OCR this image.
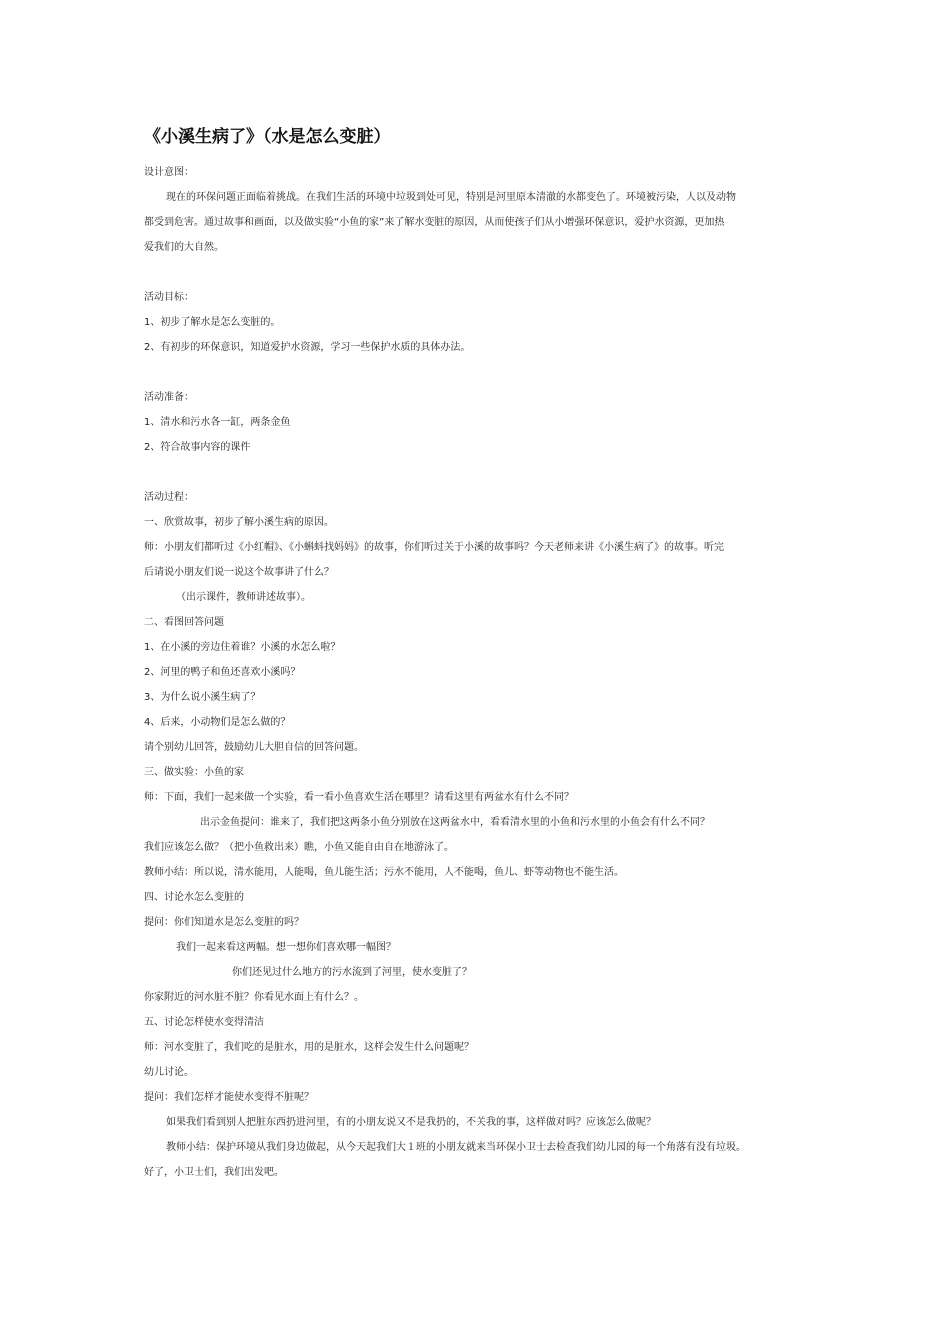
《小溪生病了》（水是怎么变脏）
设计意图：
现在的环保问题正面临着挑战。在我们生活的环境中垃圾到处可见，特别是河里原本清澈的水都变色了。环境被污染，人以及动物
都受到危害。通过故事和画面，以及做实验“小鱼的家”来了解水变脏的原因，从而使孩子们从小增强环保意识，爱护水资源，更加热
爱我们的大自然。
活动目标：
1、初步了解水是怎么变脏的。
2、有初步的环保意识，知道爱护水资源，学习一些保护水质的具体办法。
活动准备：
1、清水和污水各一缸，两条金鱼
2、符合故事内容的课件
活动过程：
一、欣赏故事，初步了解小溪生病的原因。
师：小朋友们都听过《小红帽》、《小蝌蚪找妈妈》的故事，你们听过关于小溪的故事吗？今天老师来讲《小溪生病了》的故事。听完
后请说小朋友们说一说这个故事讲了什么？
（出示课件，教师讲述故事）。
二、看图回答问题
1、在小溪的旁边住着谁？小溪的水怎么啦？
2、河里的鸭子和鱼还喜欢小溪吗？
3、为什么说小溪生病了？
4、后来，小动物们是怎么做的？
请个别幼儿回答，鼓励幼儿大胆自信的回答问题。
三、做实验：小鱼的家
师：下面，我们一起来做一个实验，看一看小鱼喜欢生活在哪里？请看这里有两盆水有什么不同？
出示金鱼提问：谁来了，我们把这两条小鱼分别放在这两盆水中，看看清水里的小鱼和污水里的小鱼会有什么不同？
我们应该怎么做？（把小鱼救出来）瞧，小鱼又能自由自在地游泳了。
教师小结：所以说，清水能用，人能喝，鱼儿能生活；污水不能用，人不能喝，鱼儿、虾等动物也不能生活。
四、讨论水怎么变脏的
提问：你们知道水是怎么变脏的吗？
我们一起来看这两幅。想一想你们喜欢哪一幅图？
你们还见过什么地方的污水流到了河里，使水变脏了？
你家附近的河水脏不脏？你看见水面上有什么？。
五、讨论怎样使水变得清洁
师：河水变脏了，我们吃的是脏水，用的是脏水，这样会发生什么问题呢？
幼儿讨论。
提问：我们怎样才能使水变得不脏呢？
如果我们看到别人把脏东西扔进河里，有的小朋友说又不是我扔的，不关我的事，这样做对吗？应该怎么做呢？
教师小结：保护环境从我们身边做起，从今天起我们大１班的小朋友就来当环保小卫士去检查我们幼儿园的每一个角落有没有垃圾。
好了，小卫士们，我们出发吧。
